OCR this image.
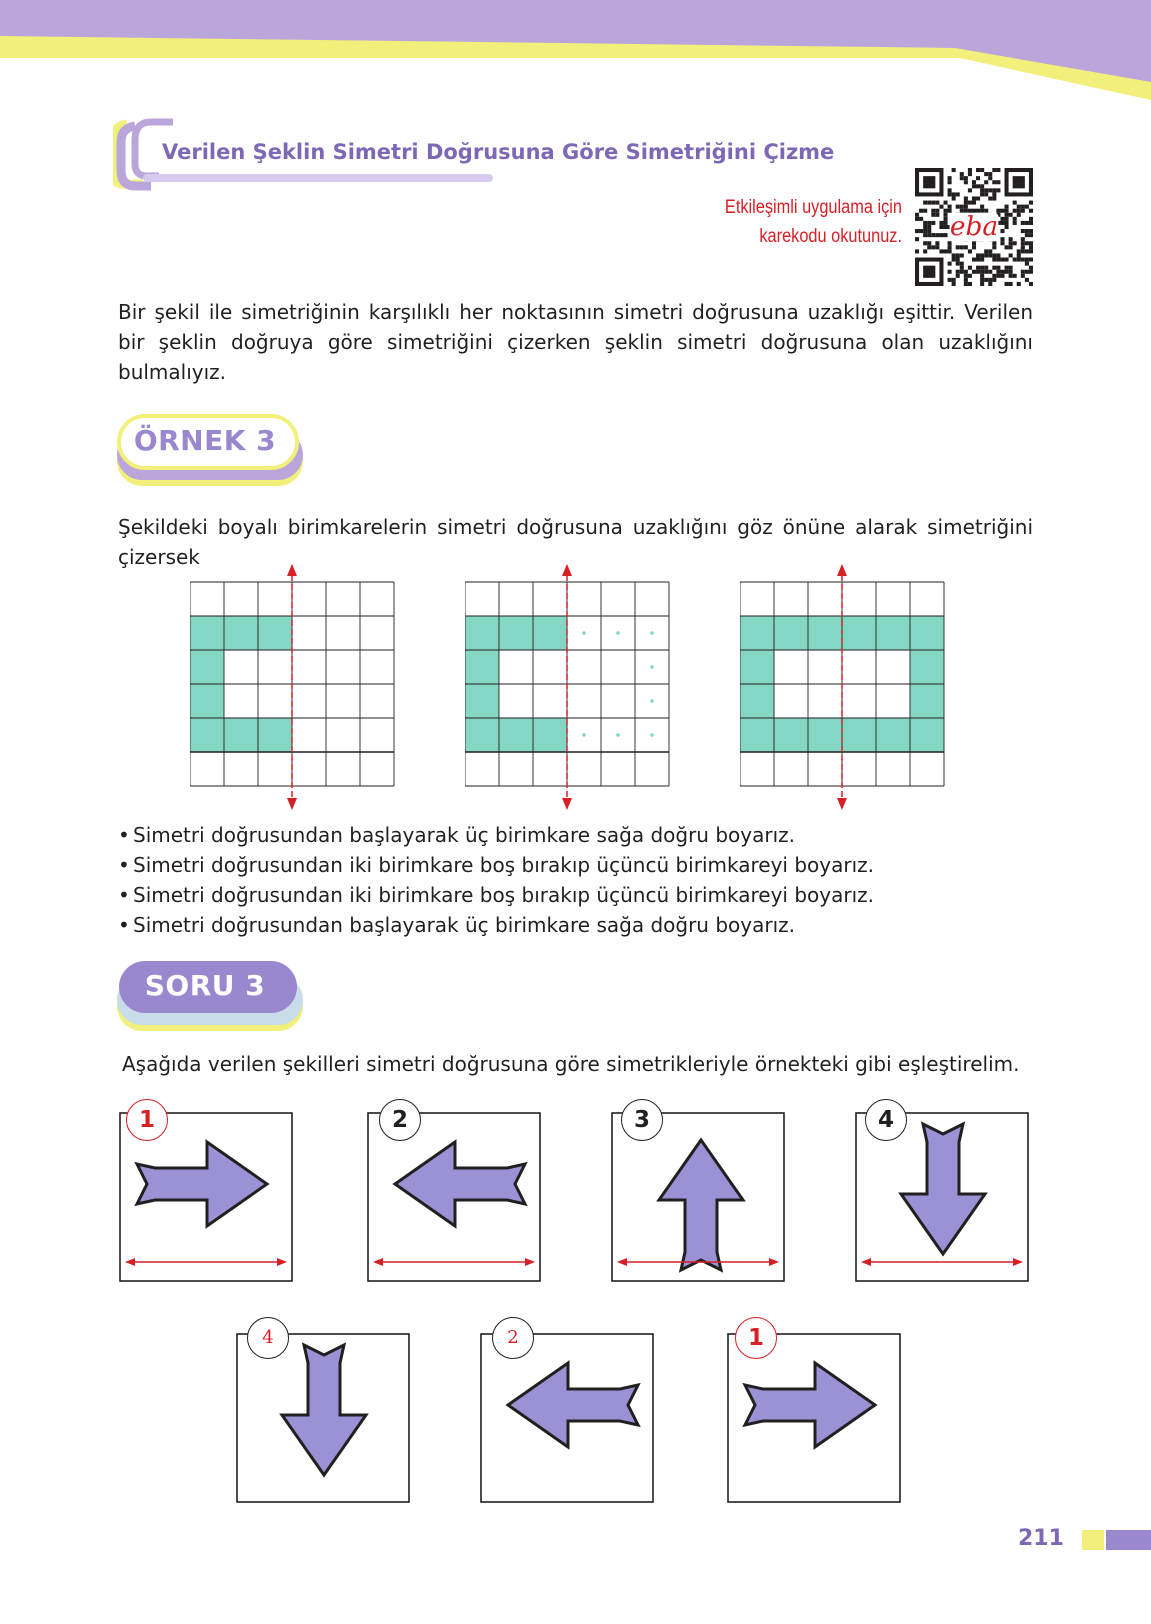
Verilen Şeklin Simetri Doğrusuna Göre Simetriğini Çizme
Etkileşimli uygulama için
karekodu okutunuz.	eba
Bir şekil ile simetriğinin karşılıklı her noktasının simetri doğrusuna uzaklığı eşittir. Verilen bir şeklin doğruya göre simetriğini çizerken şeklin simetri doğrusuna olan uzaklığını bulmalıyız.
ÖRNEK 3
Şekildeki boyalı birimkarelerin simetri doğrusuna uzaklığını göz önüne alarak simetriğini çizersek
• Simetri doğrusundan başlayarak üç birimkare sağa doğru boyarız.
• Simetri doğrusundan iki birimkare boş bırakıp üçüncü birimkareyi boyarız.
• Simetri doğrusundan iki birimkare boş bırakıp üçüncü birimkareyi boyarız.
• Simetri doğrusundan başlayarak üç birimkare sağa doğru boyarız.
SORU 3
Aşağıda verilen şekilleri simetri doğrusuna göre simetrikleriyle örnekteki gibi eşleştirelim.
1	2	3	4
4	2	1
211
